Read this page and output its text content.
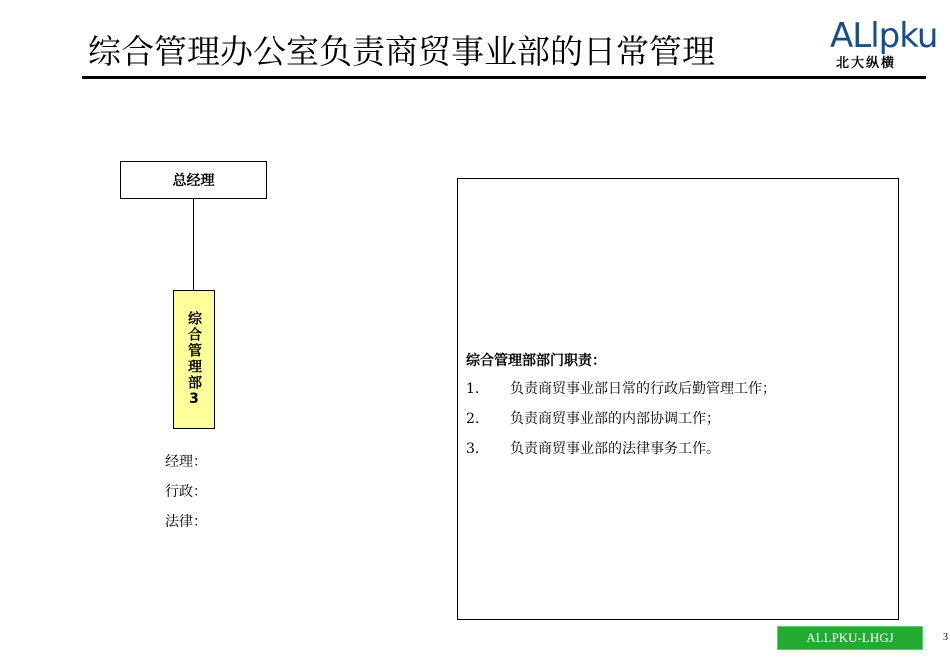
综合管理办公室负责商贸事业部的日常管理	ALlpku
北大纵横
总经理
综合管理部3
经理：
行政：
法律：
综合管理部部门职责：
1.	负责商贸事业部日常的行政后勤管理工作；
2.	负责商贸事业部的内部协调工作；
3.	负责商贸事业部的法律事务工作。
ALLPKU-LHGJ	3
